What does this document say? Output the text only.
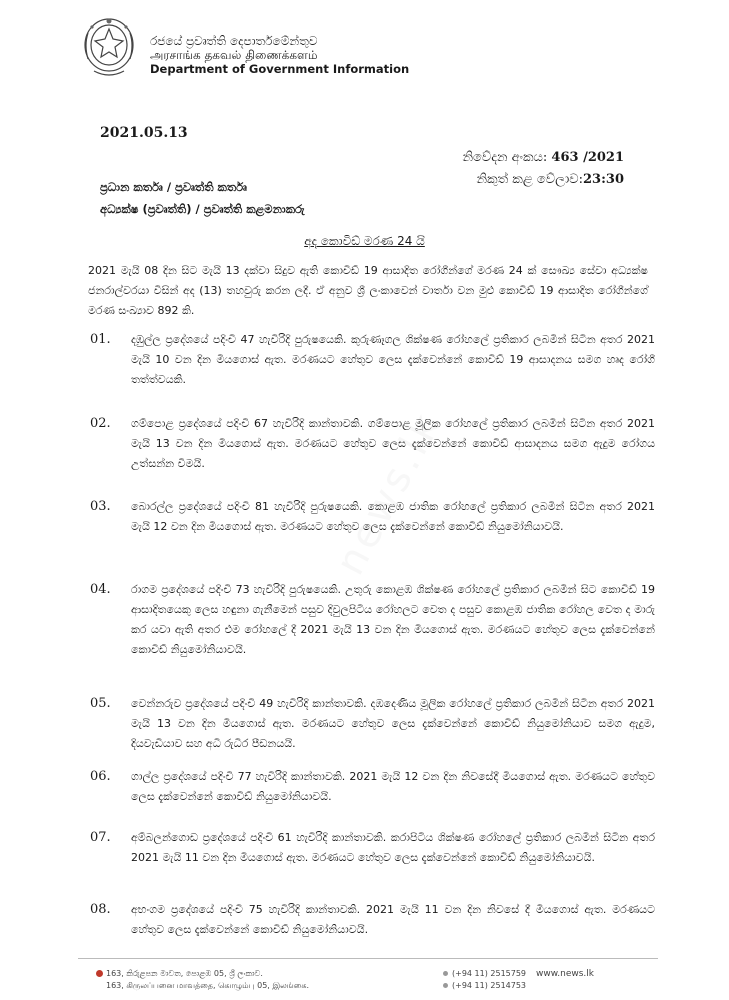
රජයේ ප්‍රවෘත්ති දෙපාර්තමේන්තුව
அரசாங்க தகவல் திணைக்களம்
Department of Government Information
2021.05.13
නිවේදන අංකය: 463 /2021
නිකුත් කළ වේලාව:23:30
ප්‍රධාන කර්තෘ / ප්‍රවෘත්ති කර්තෘ
අධ්‍යක්ෂ (ප්‍රවෘත්ති) / ප්‍රවෘත්ති කළමනාකරු
අද කොවිඩ් මරණ 24 යි
2021 මැයි 08 දින සිට මැයි 13 දක්වා සිදුව ඇති කොවිඩ් 19 ආසාදිත රෝගීන්ගේ මරණ 24 ක් සෞඛ්‍ය සේවා අධ්‍යක්ෂ ජනරාල්වරයා විසින් අද (13) තහවුරු කරන ලදී. ඒ අනුව ශ්‍රී ලංකාවෙන් වාර්තා වන මුළු කොවිඩ් 19 ආසාදිත රෝගීන්ගේ මරණ සංඛ්‍යාව 892 කි.
01. දඹුල්ල ප්‍රදේශයේ පදිංචි 47 හැවිරිදි පුරුෂයෙකි. කුරුණෑගල ශික්ෂණ රෝහලේ ප්‍රතිකාර ලබමින් සිටින අතර 2021 මැයි 10 වන දින මියගොස් ඇත. මරණයට හේතුව ලෙස දැක්වෙන්නේ කොවිඩ් 19 ආසාදනය සමග හෘද රෝගී තත්ත්වයකි.
02. ගම්පොළ ප්‍රදේශයේ පදිංචි 67 හැවිරිදි කාන්තාවකි. ගම්පොළ මූලික රෝහලේ ප්‍රතිකාර ලබමින් සිටින අතර 2021 මැයි 13 වන දින මියගොස් ඇත. මරණයට හේතුව ලෙස දැක්වෙන්නේ කොවිඩ් ආසාදනය සමග ඇදුම රෝගය උත්සන්න වීමයි.
03. බොරල්ල ප්‍රදේශයේ පදිංචි 81 හැවිරිදි පුරුෂයෙකි. කොළඹ ජාතික රෝහලේ ප්‍රතිකාර ලබමින් සිටින අතර 2021 මැයි 12 වන දින මියගොස් ඇත. මරණයට හේතුව ලෙස දැක්වෙන්නේ කොවිඩ් නියුමෝනියාවයි.
04. රාගම ප්‍රදේශයේ පදිංචි 73 හැවිරිදි පුරුෂයෙකි. උතුරු කොළඹ ශික්ෂණ රෝහලේ ප්‍රතිකාර ලබමින් සිට කොවිඩ් 19 ආසාදිතයෙකු ලෙස හඳුනා ගැනීමෙන් පසුව දිවුලපිටිය රෝහලට වෙත ද පසුව කොළඹ ජාතික රෝහල වෙත ද මාරු කර යවා ඇති අතර එම රෝහලේ දී 2021 මැයි 13 වන දින මියගොස් ඇත. මරණයට හේතුව ලෙස දැක්වෙන්නේ කොවිඩ් නියුමෝනියාවයි.
05. වෙන්නරුව ප්‍රදේශයේ පදිංචි 49 හැවිරිදි කාන්තාවකි. දඹදෙණිය මූලික රෝහලේ ප්‍රතිකාර ලබමින් සිටින අතර 2021 මැයි 13 වන දින මියගොස් ඇත. මරණයට හේතුව ලෙස දැක්වෙන්නේ කොවිඩ් නියුමෝනියාව සමග ඇදුම, දියවැඩියාව සහ අධි රුධිර පීඩනයයි.
06. ගාල්ල ප්‍රදේශයේ පදිංචි 77 හැවිරිදි කාන්තාවකි. 2021 මැයි 12 වන දින නිවසේදී මියගොස් ඇත. මරණයට හේතුව ලෙස දැක්වෙන්නේ කොවිඩ් නියුමෝනියාවයි.
07. අම්බලන්ගොඩ ප්‍රදේශයේ පදිංචි 61 හැවිරිදි කාන්තාවකි. කරාපිටිය ශික්ෂණ රෝහලේ ප්‍රතිකාර ලබමින් සිටින අතර 2021 මැයි 11 වන දින මියගොස් ඇත. මරණයට හේතුව ලෙස දැක්වෙන්නේ කොවිඩ් නියුමෝනියාවයි.
08. අභංගම ප්‍රදේශයේ පදිංචි 75 හැවිරිදි කාන්තාවකි. 2021 මැයි 11 වන දින නිවසේ දී මියගොස් ඇත. මරණයට හේතුව ලෙස දැක්වෙන්නේ කොවිඩ් නියුමෝනියාවයි.
news.lk
163, කිරුළපන මාවත, පොළඹ 05, ශ්‍රී ලංකාව.
163, கிருலப்பனை மாவத்தை, கொழும்பு 05, இலங்கை.
(+94 11) 2515759
(+94 11) 2514753
www.news.lk
